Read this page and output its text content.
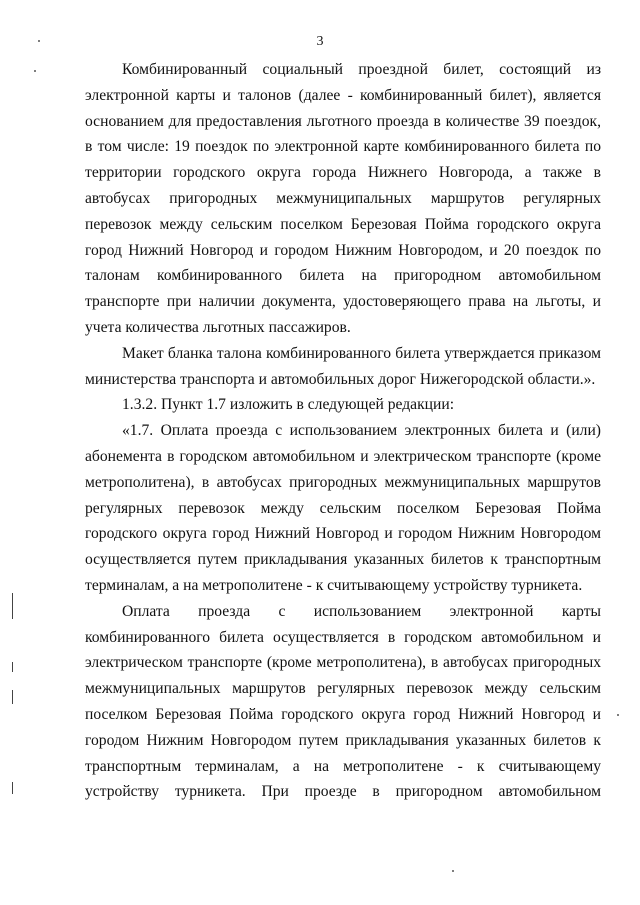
3

Комбинированный социальный проездной билет, состоящий из электронной карты и талонов (далее - комбинированный билет), является основанием для предоставления льготного проезда в количестве 39 поездок, в том числе: 19 поездок по электронной карте комбинированного билета по территории городского округа города Нижнего Новгорода, а также в автобусах пригородных межмуниципальных маршрутов регулярных перевозок между сельским поселком Березовая Пойма городского округа город Нижний Новгород и городом Нижним Новгородом, и 20 поездок по талонам комбинированного билета на пригородном автомобильном транспорте при наличии документа, удостоверяющего права на льготы, и учета количества льготных пассажиров.

Макет бланка талона комбинированного билета утверждается приказом министерства транспорта и автомобильных дорог Нижегородской области.».

1.3.2. Пункт 1.7 изложить в следующей редакции:

«1.7. Оплата проезда с использованием электронных билета и (или) абонемента в городском автомобильном и электрическом транспорте (кроме метрополитена), в автобусах пригородных межмуниципальных маршрутов регулярных перевозок между сельским поселком Березовая Пойма городского округа город Нижний Новгород и городом Нижним Новгородом осуществляется путем прикладывания указанных билетов к транспортным терминалам, а на метрополитене - к считывающему устройству турникета.

Оплата проезда с использованием электронной карты комбинированного билета осуществляется в городском автомобильном и электрическом транспорте (кроме метрополитена), в автобусах пригородных межмуниципальных маршрутов регулярных перевозок между сельским поселком Березовая Пойма городского округа город Нижний Новгород и городом Нижним Новгородом путем прикладывания указанных билетов к транспортным терминалам, а на метрополитене - к считывающему устройству турникета. При проезде в пригородном автомобильном
